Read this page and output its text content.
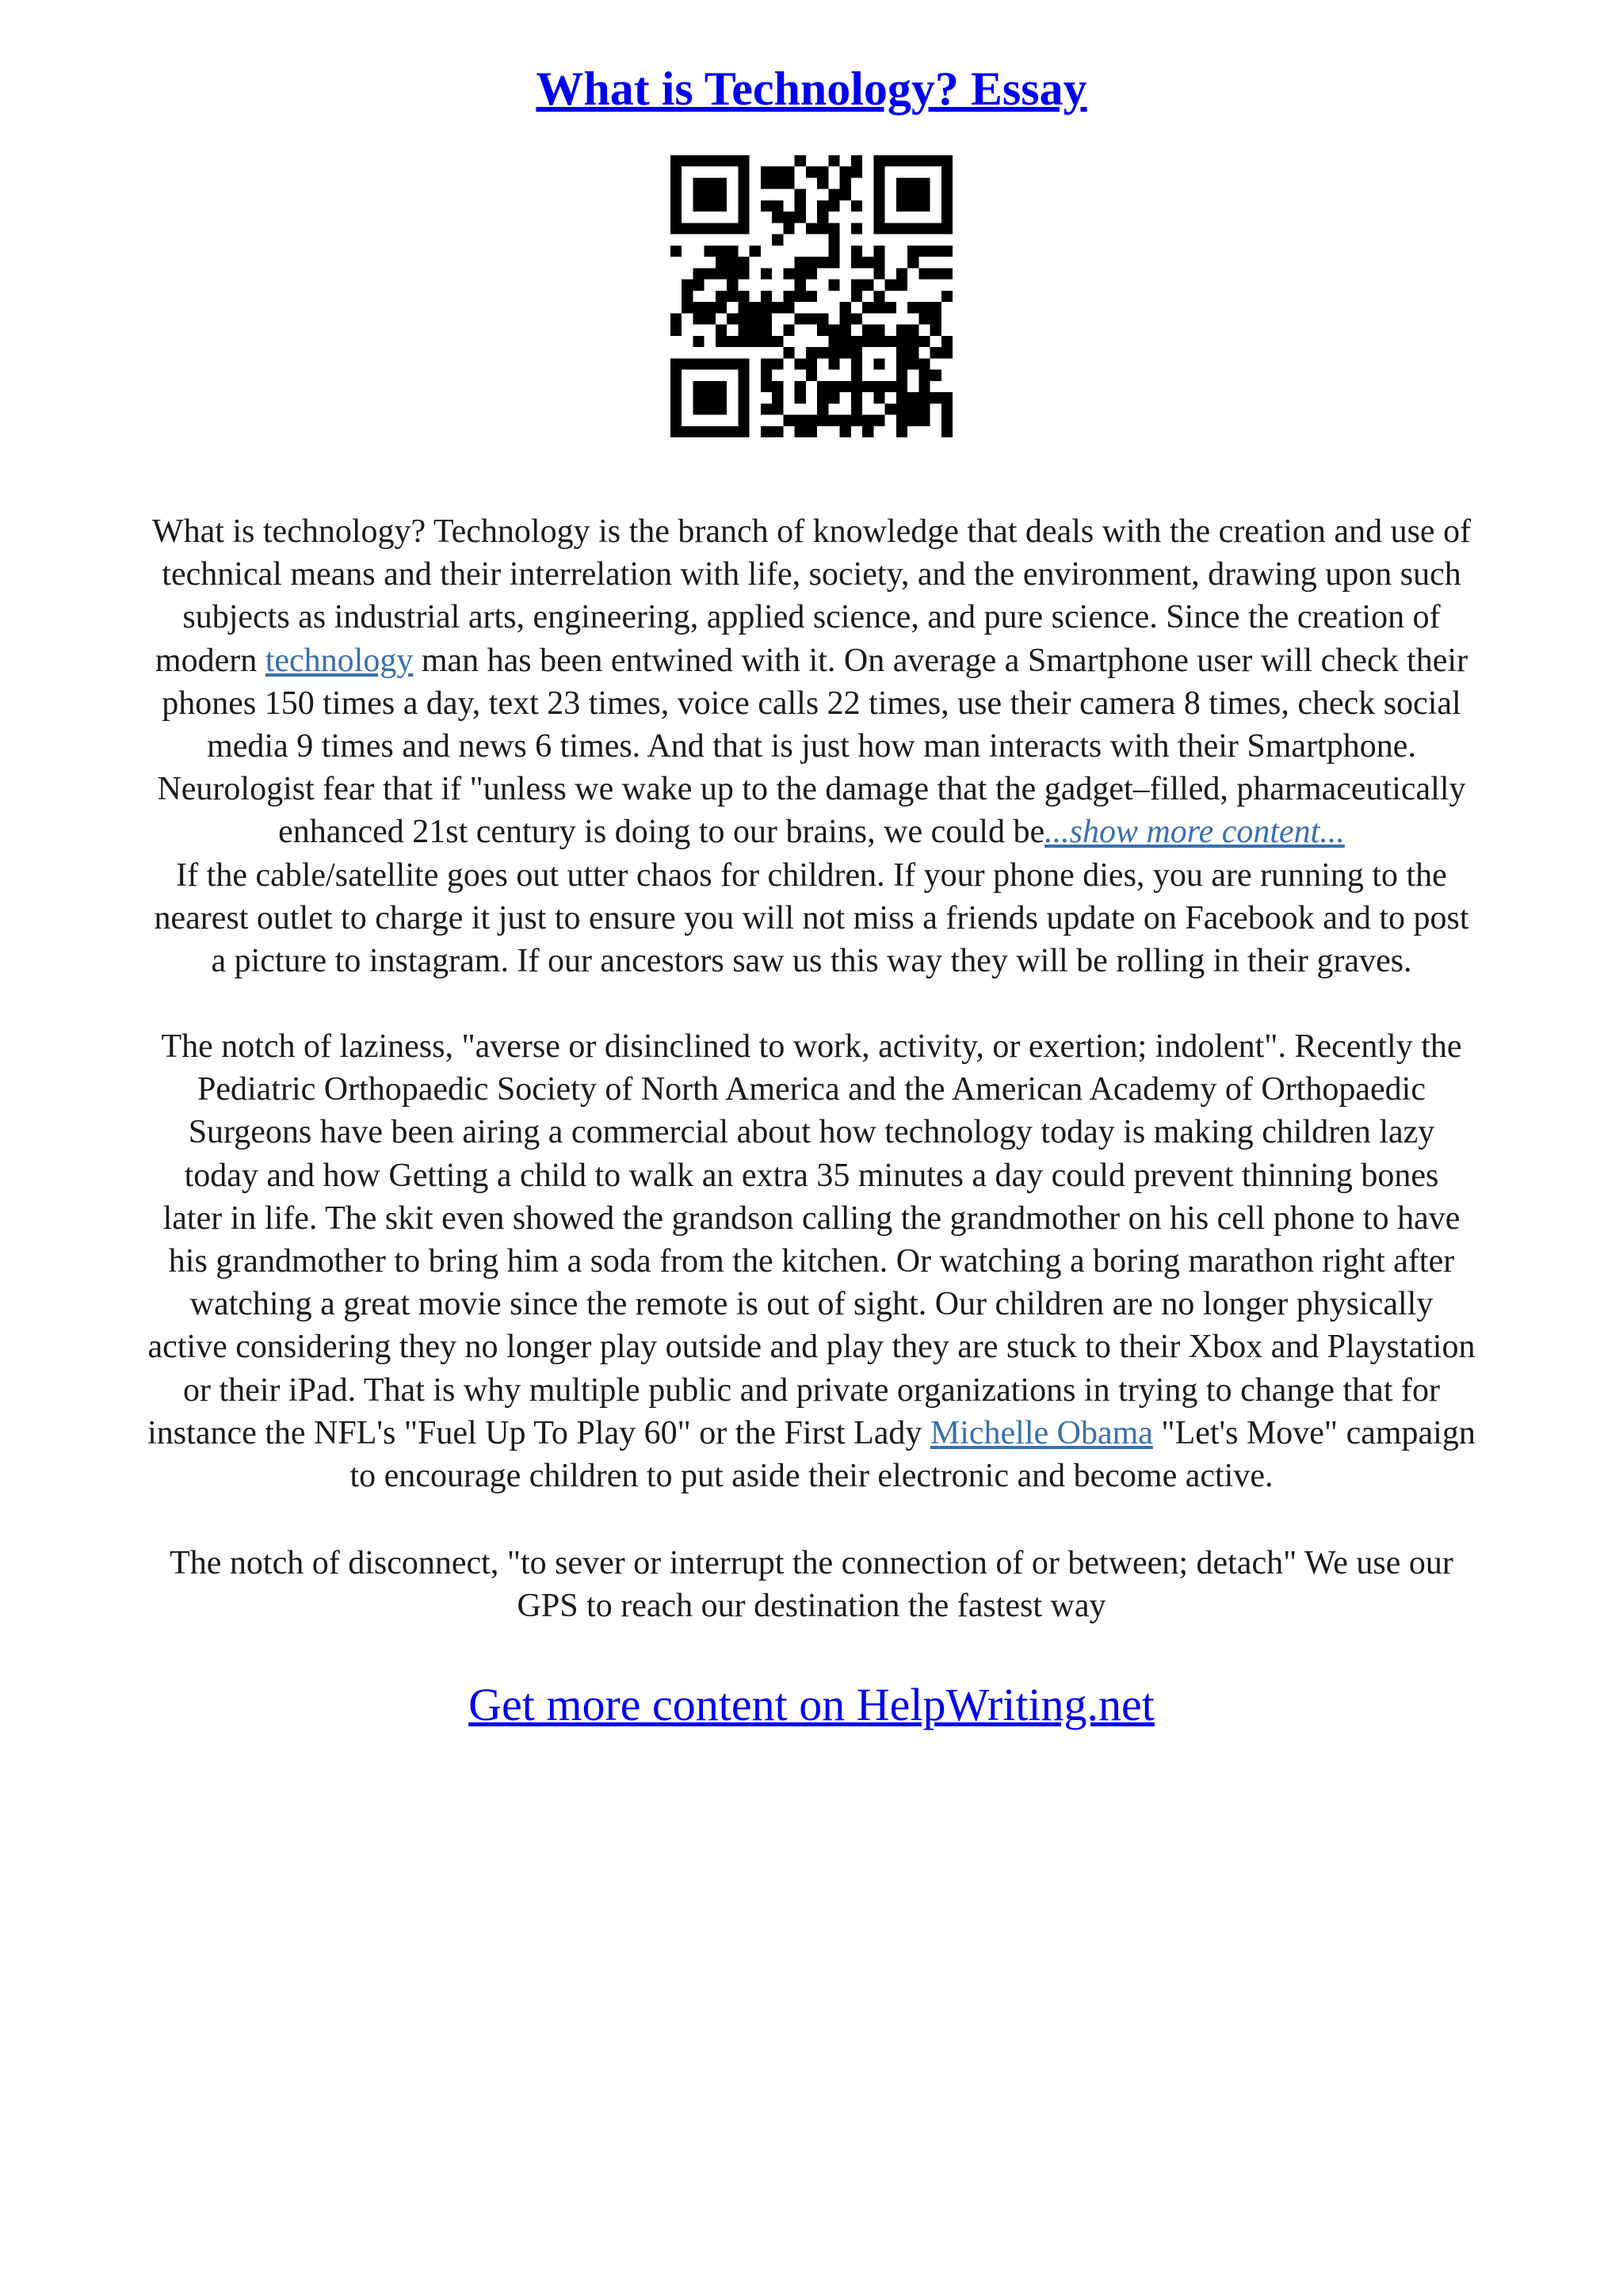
What is Technology? Essay
What is technology? Technology is the branch of knowledge that deals with the creation and use of
technical means and their interrelation with life, society, and the environment, drawing upon such
subjects as industrial arts, engineering, applied science, and pure science. Since the creation of
modern technology man has been entwined with it. On average a Smartphone user will check their
phones 150 times a day, text 23 times, voice calls 22 times, use their camera 8 times, check social
media 9 times and news 6 times. And that is just how man interacts with their Smartphone.
Neurologist fear that if "unless we wake up to the damage that the gadget–filled, pharmaceutically
enhanced 21st century is doing to our brains, we could be...show more content...
If the cable/satellite goes out utter chaos for children. If your phone dies, you are running to the
nearest outlet to charge it just to ensure you will not miss a friends update on Facebook and to post
a picture to instagram. If our ancestors saw us this way they will be rolling in their graves.
The notch of laziness, "averse or disinclined to work, activity, or exertion; indolent". Recently the
Pediatric Orthopaedic Society of North America and the American Academy of Orthopaedic
Surgeons have been airing a commercial about how technology today is making children lazy
today and how Getting a child to walk an extra 35 minutes a day could prevent thinning bones
later in life. The skit even showed the grandson calling the grandmother on his cell phone to have
his grandmother to bring him a soda from the kitchen. Or watching a boring marathon right after
watching a great movie since the remote is out of sight. Our children are no longer physically
active considering they no longer play outside and play they are stuck to their Xbox and Playstation
or their iPad. That is why multiple public and private organizations in trying to change that for
instance the NFL's "Fuel Up To Play 60" or the First Lady Michelle Obama "Let's Move" campaign
to encourage children to put aside their electronic and become active.
The notch of disconnect, "to sever or interrupt the connection of or between; detach" We use our
GPS to reach our destination the fastest way
Get more content on HelpWriting.net
